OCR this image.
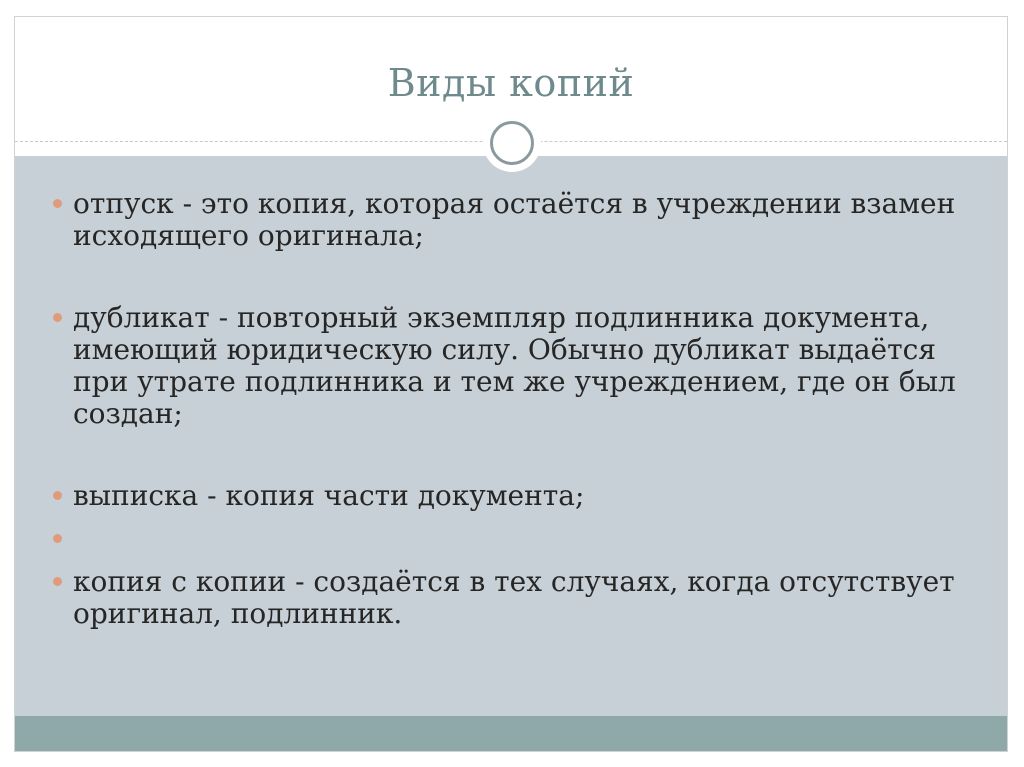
Виды копий
отпуск - это копия, которая остаётся в учреждении взамен исходящего оригинала;
дубликат - повторный экземпляр подлинника документа, имеющий юридическую силу. Обычно дубликат выдаётся при утрате подлинника и тем же учреждением, где он был создан;
выписка - копия части документа;
копия с копии - создаётся в тех случаях, когда отсутствует оригинал, подлинник.
